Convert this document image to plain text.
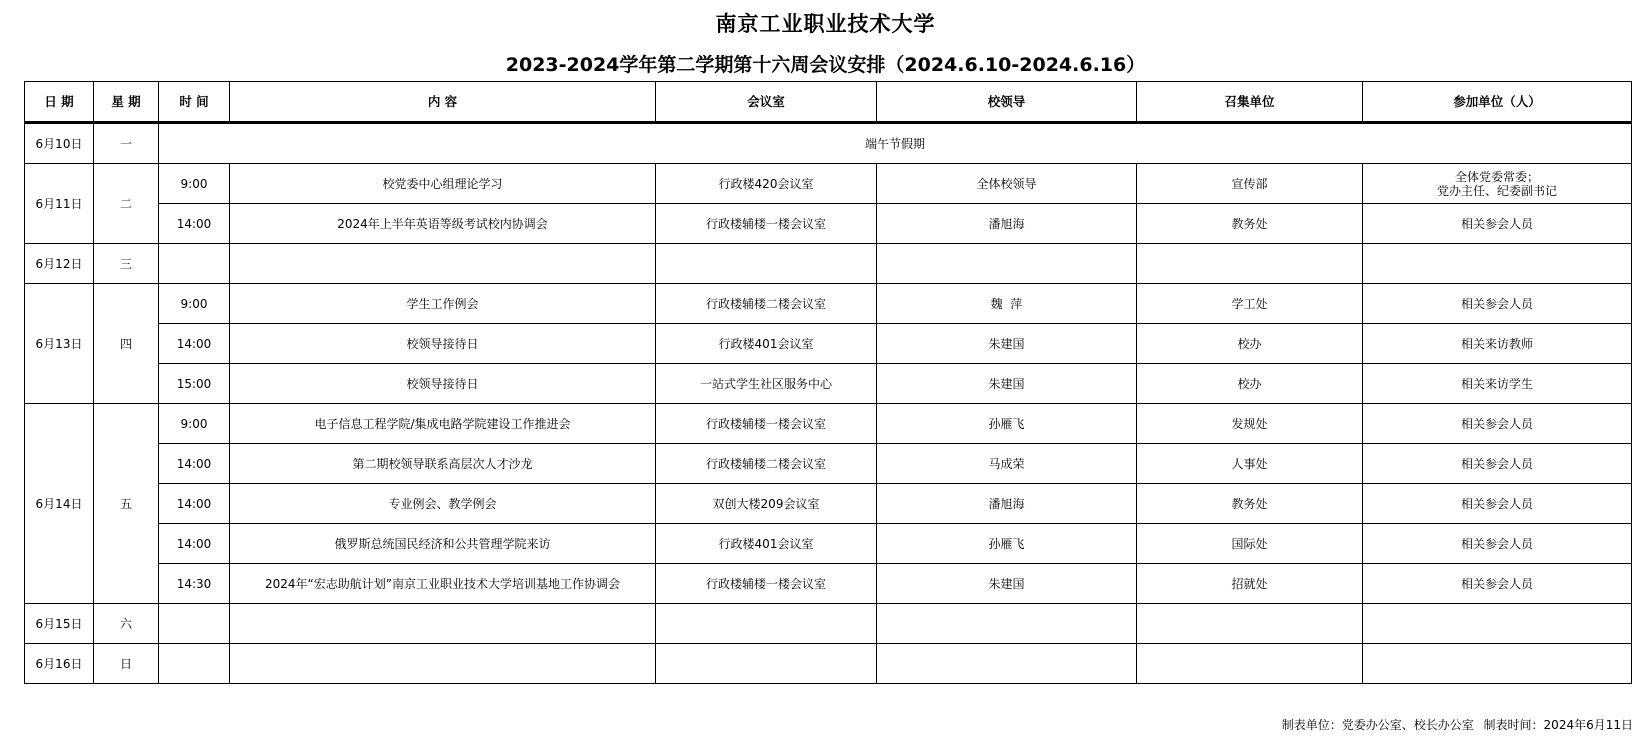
南京工业职业技术大学
2023-2024学年第二学期第十六周会议安排（2024.6.10-2024.6.16）
日 期	星 期	时 间	内 容	会议室	校领导	召集单位	参加单位（人）
6月10日	一	端午节假期					
6月11日	二	9:00	校党委中心组理论学习	行政楼420会议室	全体校领导	宣传部	全体党委常委；
党办主任、纪委副书记

		14:00	2024年上半年英语等级考试校内协调会	行政楼辅楼一楼会议室	潘旭海	教务处	相关参会人员
6月12日	三						
6月13日	四	9:00	学生工作例会	行政楼辅楼二楼会议室	魏  萍	学工处	相关参会人员
		14:00	校领导接待日	行政楼401会议室	朱建国	校办	相关来访教师
		15:00	校领导接待日	一站式学生社区服务中心	朱建国	校办	相关来访学生
6月14日	五	9:00	电子信息工程学院/集成电路学院建设工作推进会	行政楼辅楼一楼会议室	孙雁飞	发规处	相关参会人员
		14:00	第二期校领导联系高层次人才沙龙	行政楼辅楼二楼会议室	马成荣	人事处	相关参会人员
		14:00	专业例会、教学例会	双创大楼209会议室	潘旭海	教务处	相关参会人员
		14:00	俄罗斯总统国民经济和公共管理学院来访	行政楼401会议室	孙雁飞	国际处	相关参会人员
		14:30	2024年“宏志助航计划”南京工业职业技术大学培训基地工作协调会	行政楼辅楼一楼会议室	朱建国	招就处	相关参会人员
6月15日	六						
6月16日	日						
制表单位：党委办公室、校长办公室 制表时间：2024年6月11日
